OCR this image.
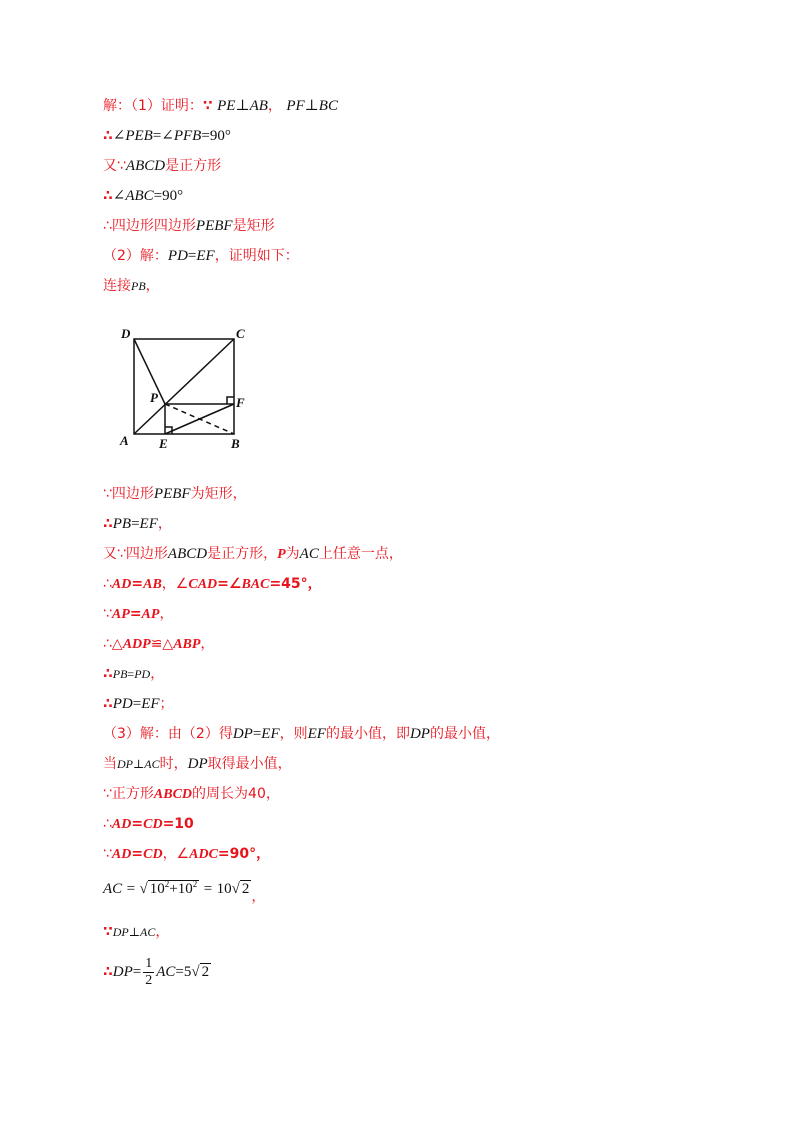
解：（1）证明：∵ PE⊥AB， PF⊥BC
∴∠PEB=∠PFB=90°
又∵ABCD是正方形
∴∠ABC=90°
∴四边形四边形PEBF是矩形
（2）解：PD=EF，证明如下：
连接PB，
D	C
A	B
E
F
P
∵四边形PEBF为矩形，
∴PB=EF，
又∵四边形ABCD是正方形，P为AC上任意一点，
∴AD=AB，∠CAD=∠BAC=45°，
∵AP=AP，
∴△ADP≌△ABP，
∴PB=PD，
∴PD=EF；
（3）解：由（2）得DP=EF，则EF的最小值，即DP的最小值，
当DP⊥AC时，DP取得最小值，
∵正方形ABCD的周长为40，
∴AD=CD=10
∵AD=CD，∠ADC=90°，
AC = √ $10^2+10^2 = 10√$ 2 ，
∵DP⊥AC，
∴DP= $\frac{1}{2} AC=5√$ 2
